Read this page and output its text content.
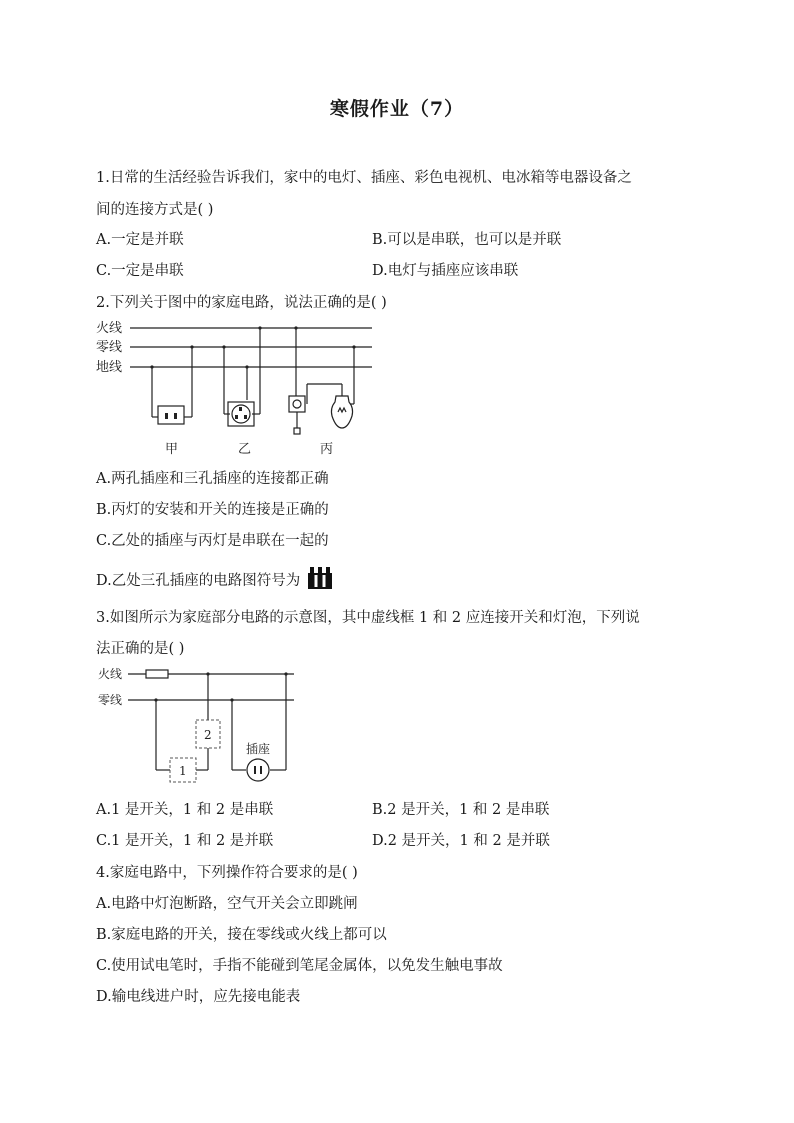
寒假作业（7）
1.日常的生活经验告诉我们，家中的电灯、插座、彩色电视机、电冰箱等电器设备之
间的连接方式是( )
A.一定是并联	B.可以是串联，也可以是并联
C.一定是串联	D.电灯与插座应该串联
2.下列关于图中的家庭电路，说法正确的是( )
火线
零线
地线
甲	乙	丙
A.两孔插座和三孔插座的连接都正确
B.丙灯的安装和开关的连接是正确的
C.乙处的插座与丙灯是串联在一起的
D.乙处三孔插座的电路图符号为
3.如图所示为家庭部分电路的示意图，其中虚线框 1 和 2 应连接开关和灯泡，下列说
法正确的是( )
火线
零线
1
2
插座
A.1 是开关，1 和 2 是串联	B.2 是开关，1 和 2 是串联
C.1 是开关，1 和 2 是并联	D.2 是开关，1 和 2 是并联
4.家庭电路中，下列操作符合要求的是( )
A.电路中灯泡断路，空气开关会立即跳闸
B.家庭电路的开关，接在零线或火线上都可以
C.使用试电笔时，手指不能碰到笔尾金属体，以免发生触电事故
D.输电线进户时，应先接电能表
